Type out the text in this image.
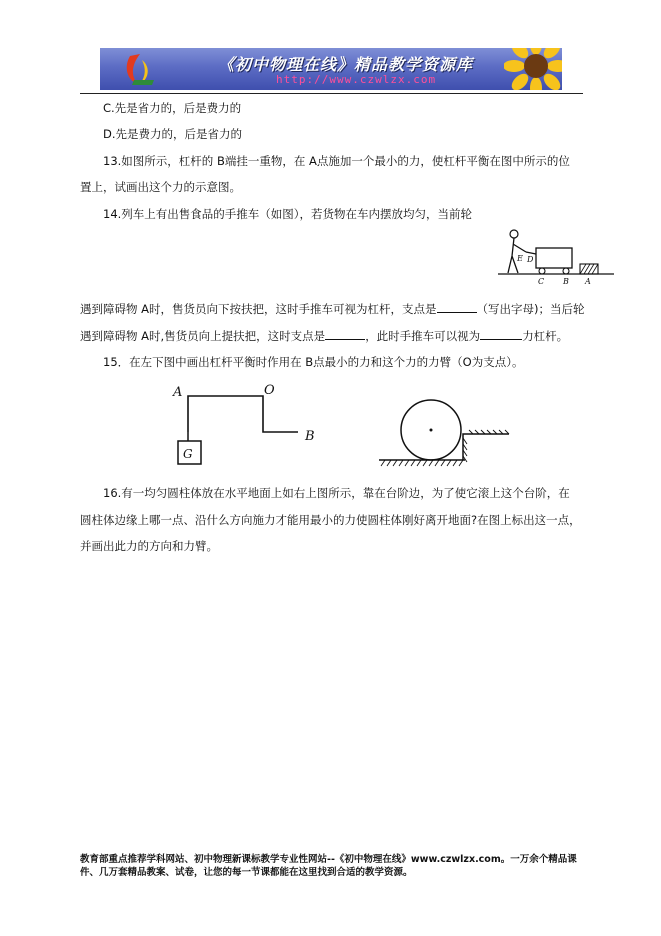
《初中物理在线》精品教学资源库
http://www.czwlzx.com
C.先是省力的，后是费力的
D.先是费力的，后是省力的
13.如图所示，杠杆的 B端挂一重物，在 A点施加一个最小的力，使杠杆平衡在图中所示的位
置上，试画出这个力的示意图。
14.列车上有出售食品的手推车（如图），若货物在车内摆放均匀，当前轮
E D
C B A
遇到障碍物 A时，售货员向下按扶把，这时手推车可视为杠杆，支点是	（写出字母)；当后轮
遇到障碍物 A时,售货员向上提扶把，这时支点是	，此时手推车可以视为	力杠杆。
15．在左下图中画出杠杆平衡时作用在 B点最小的力和这个力的力臂（O为支点）。
A	O
B
G
16.有一均匀圆柱体放在水平地面上如右上图所示，靠在台阶边，为了使它滚上这个台阶，在
圆柱体边缘上哪一点、沿什么方向施力才能用最小的力使圆柱体刚好离开地面?在图上标出这一点，
并画出此力的方向和力臂。
教育部重点推荐学科网站、初中物理新课标教学专业性网站--《初中物理在线》www.czwlzx.com。一万余个精品课
件、几万套精品教案、试卷，让您的每一节课都能在这里找到合适的教学资源。
